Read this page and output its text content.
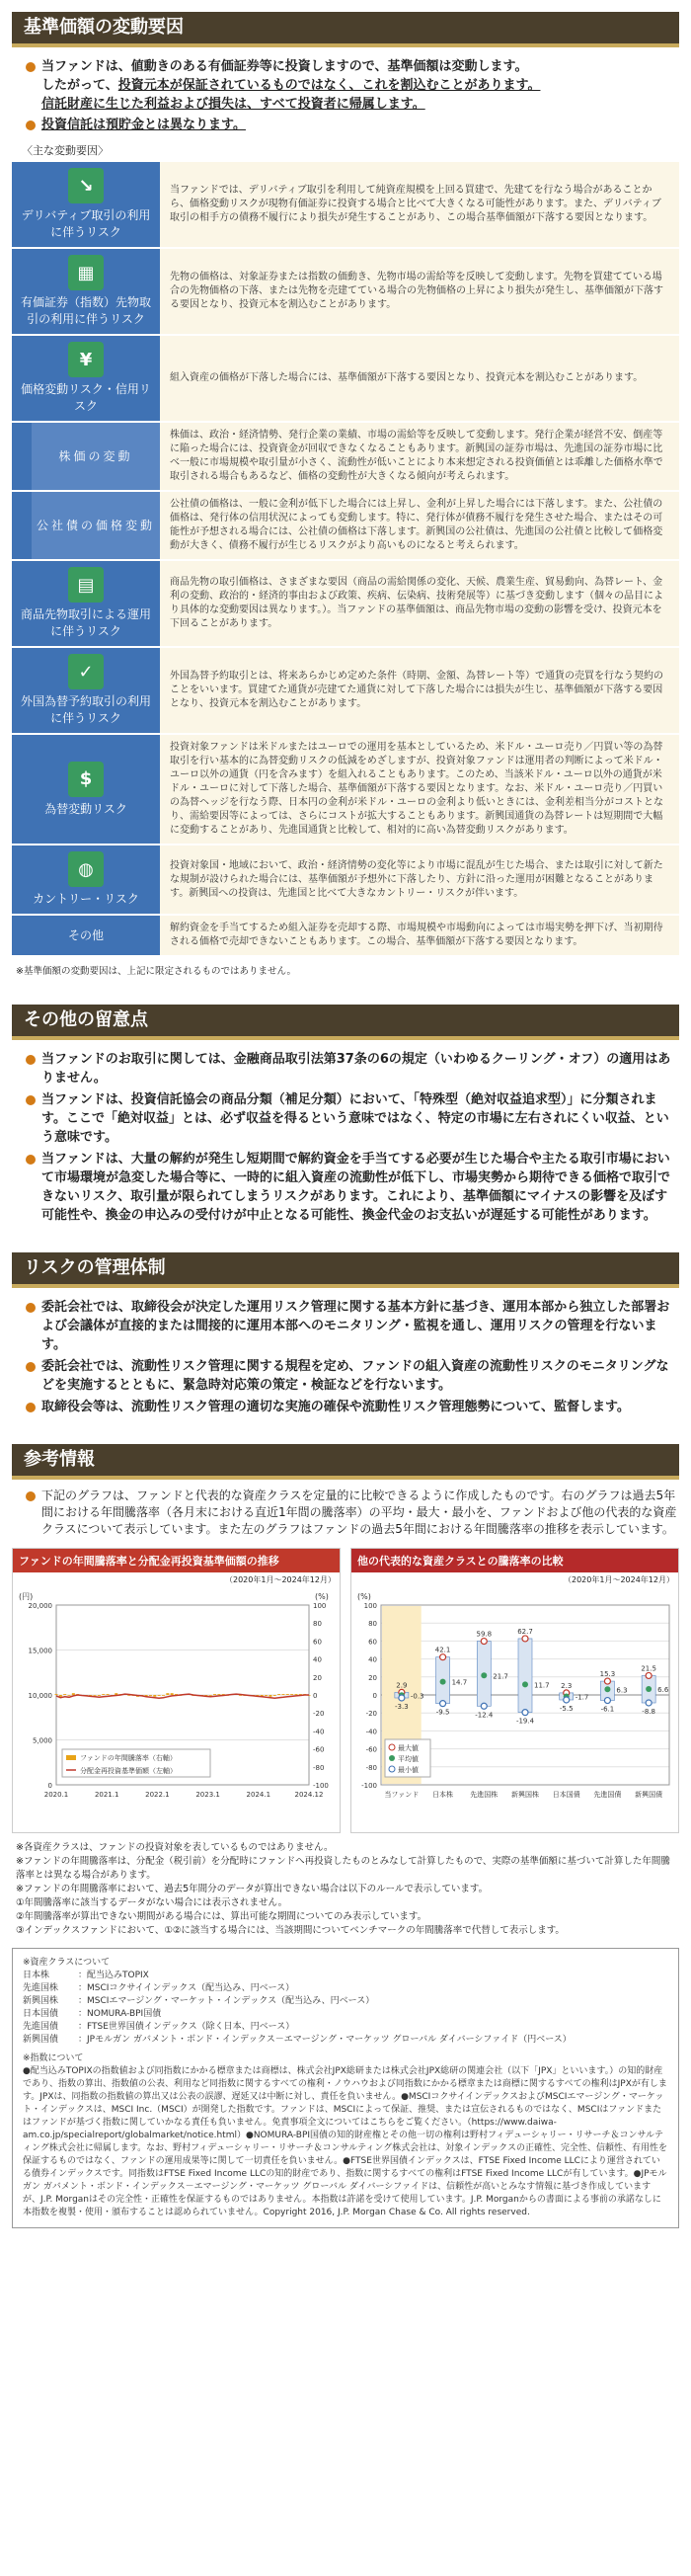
基準価額の変動要因
当ファンドは、値動きのある有価証券等に投資しますので、基準価額は変動します。
したがって、投資元本が保証されているものではなく、これを割込むことがあります。
信託財産に生じた利益および損失は、すべて投資者に帰属します。
投資信託は預貯金とは異なります。
〈主な変動要因〉
↘
デリバティブ取引の利用に伴うリスク		当ファンドでは、デリバティブ取引を利用して純資産規模を上回る買建で、先建てを行なう場合があることから、価格変動リスクが現物有価証券に投資する場合と比べて大きくなる可能性があります。また、デリバティブ取引の相手方の債務不履行により損失が発生することがあり、この場合基準価額が下落する要因となります。

▦
有価証券（指数）先物取引の利用に伴うリスク		先物の価格は、対象証券または指数の価動き、先物市場の需給等を反映して変動します。先物を買建てている場合の先物価格の下落、または先物を売建てている場合の先物価格の上昇により損失が発生し、基準価額が下落する要因となり、投資元本を割込むことがあります。

¥
価格変動リスク・信用リスク		組入資産の価格が下落した場合には、基準価額が下落する要因となり、投資元本を割込むことがあります。

	株価の変動	株価は、政治・経済情勢、発行企業の業績、市場の需給等を反映して変動します。発行企業が経営不安、倒産等に陥った場合には、投資資金が回収できなくなることもあります。新興国の証券市場は、先進国の証券市場に比べ一般に市場規模や取引量が小さく、流動性が低いことにより本来想定される投資価値とは乖離した価格水準で取引される場合もあるなど、価格の変動性が大きくなる傾向が考えられます。

	公社債の価格変動	公社債の価格は、一般に金利が低下した場合には上昇し、金利が上昇した場合には下落します。また、公社債の価格は、発行体の信用状況によっても変動します。特に、発行体が債務不履行を発生させた場合、またはその可能性が予想される場合には、公社債の価格は下落します。新興国の公社債は、先進国の公社債と比較して価格変動が大きく、債務不履行が生じるリスクがより高いものになると考えられます。

▤
商品先物取引による運用に伴うリスク		商品先物の取引価格は、さまざまな要因（商品の需給関係の変化、天候、農業生産、貿易動向、為替レート、金利の変動、政治的・経済的事由および政策、疾病、伝染病、技術発展等）に基づき変動します（個々の品目により具体的な変動要因は異なります。）。当ファンドの基準価額は、商品先物市場の変動の影響を受け、投資元本を下回ることがあります。

✓
外国為替予約取引の利用に伴うリスク		外国為替予約取引とは、将来あらかじめ定めた条件（時期、金額、為替レート等）で通貨の売買を行なう契約のことをいいます。買建てた通貨が売建てた通貨に対して下落した場合には損失が生じ、基準価額が下落する要因となり、投資元本を割込むことがあります。

$
為替変動リスク		投資対象ファンドは米ドルまたはユーロでの運用を基本としているため、米ドル・ユーロ売り／円買い等の為替取引を行い基本的に為替変動リスクの低減をめざしますが、投資対象ファンドは運用者の判断によって米ドル・ユーロ以外の通貨（円を含みます）を組入れることもあります。このため、当該米ドル・ユーロ以外の通貨が米ドル・ユーロに対して下落した場合、基準価額が下落する要因となります。なお、米ドル・ユーロ売り／円買いの為替ヘッジを行なう際、日本円の金利が米ドル・ユーロの金利より低いときには、金利差相当分がコストとなり、需給要因等によっては、さらにコストが拡大することもあります。新興国通貨の為替レートは短期間で大幅に変動することがあり、先進国通貨と比較して、相対的に高い為替変動リスクがあります。

◍
カントリー・リスク		投資対象国・地域において、政治・経済情勢の変化等により市場に混乱が生じた場合、または取引に対して新たな規制が設けられた場合には、基準価額が予想外に下落したり、方針に沿った運用が困難となることがあります。新興国への投資は、先進国と比べて大きなカントリー・リスクが伴います。

その他		解約資金を手当てするため組入証券を売却する際、市場規模や市場動向によっては市場実勢を押下げ、当初期待される価格で売却できないこともあります。この場合、基準価額が下落する要因となります。
※基準価額の変動要因は、上記に限定されるものではありません。
その他の留意点
当ファンドのお取引に関しては、金融商品取引法第37条の6の規定（いわゆるクーリング・オフ）の適用はありません。
当ファンドは、投資信託協会の商品分類（補足分類）において、「特殊型（絶対収益追求型）」に分類されます。ここで「絶対収益」とは、必ず収益を得るという意味ではなく、特定の市場に左右されにくい収益、という意味です。
当ファンドは、大量の解約が発生し短期間で解約資金を手当てする必要が生じた場合や主たる取引市場において市場環境が急変した場合等に、一時的に組入資産の流動性が低下し、市場実勢から期待できる価格で取引できないリスク、取引量が限られてしまうリスクがあります。これにより、基準価額にマイナスの影響を及ぼす可能性や、換金の申込みの受付けが中止となる可能性、換金代金のお支払いが遅延する可能性があります。
リスクの管理体制
委託会社では、取締役会が決定した運用リスク管理に関する基本方針に基づき、運用本部から独立した部署および会議体が直接的または間接的に運用本部へのモニタリング・監視を通し、運用リスクの管理を行ないます。
委託会社では、流動性リスク管理に関する規程を定め、ファンドの組入資産の流動性リスクのモニタリングなどを実施するとともに、緊急時対応策の策定・検証などを行ないます。
取締役会等は、流動性リスク管理の適切な実施の確保や流動性リスク管理態勢について、監督します。
参考情報
下記のグラフは、ファンドと代表的な資産クラスを定量的に比較できるように作成したものです。右のグラフは過去5年間における年間騰落率（各月末における直近1年間の騰落率）の平均・最大・最小を、ファンドおよび他の代表的な資産クラスについて表示しています。また左のグラフはファンドの過去5年間における年間騰落率の推移を表示しています。
ファンドの年間騰落率と分配金再投資基準価額の推移
（2020年1月～2024年12月）
(円)	(%)
20,000
15,000
10,000
5,000
0
100
80
60
40
20
0
-20
-40
-60
-80
-100
2020.1	2021.1	2022.1	2023.1	2024.1	2024.12
ファンドの年間騰落率（右軸）
分配金再投資基準価額（左軸）
他の代表的な資産クラスとの騰落率の比較
（2020年1月～2024年12月）
(%)
-100
-80
-60
-40
-20
0
20
40
60
80
100
2.9
-0.3
-3.3
当ファンド
42.1
14.7
-9.5
日本株
59.8
21.7
-12.4
先進国株
62.7
11.7
-19.4
新興国株
2.3
-1.7
-5.5
日本国債
15.3
6.3
-6.1
先進国債
21.5
6.6
-8.8
新興国債
最大値
平均値
最小値
※各資産クラスは、ファンドの投資対象を表しているものではありません。
※ファンドの年間騰落率は、分配金（税引前）を分配時にファンドへ再投資したものとみなして計算したもので、実際の基準価額に基づいて計算した年間騰落率とは異なる場合があります。
※ファンドの年間騰落率において、過去5年間分のデータが算出できない場合は以下のルールで表示しています。
①年間騰落率に該当するデータがない場合には表示されません。
②年間騰落率が算出できない期間がある場合には、算出可能な期間についてのみ表示しています。
③インデックスファンドにおいて、①②に該当する場合には、当該期間についてベンチマークの年間騰落率で代替して表示します。
※資産クラスについて
日本株	：配当込みTOPIX
先進国株 ：MSCIコクサイインデックス（配当込み、円ベース）
新興国株 ：MSCIエマージング・マーケット・インデックス（配当込み、円ベース）
日本国債 ：NOMURA-BPI国債
先進国債 ：FTSE世界国債インデックス（除く日本、円ベース）
新興国債 ：JPモルガン ガバメント・ボンド・インデックス－エマージング・マーケッツ グローバル ダイバーシファイド（円ベース）
※指数について
●配当込みTOPIXの指数値および同指数にかかる標章または商標は、株式会社JPX総研または株式会社JPX総研の関連会社（以下「JPX」といいます。）の知的財産であり、指数の算出、指数値の公表、利用など同指数に関するすべての権利・ノウハウおよび同指数にかかる標章または商標に関するすべての権利はJPXが有します。JPXは、同指数の指数値の算出又は公表の誤謬、遅延又は中断に対し、責任を負いません。●MSCIコクサイインデックスおよびMSCIエマージング・マーケット・インデックスは、MSCI Inc.（MSCI）が開発した指数です。ファンドは、MSCIによって保証、推奨、または宣伝されるものではなく、MSCIはファンドまたはファンドが基づく指数に関していかなる責任も負いません。免責事項全文についてはこちらをご覧ください。（https://www.daiwa-am.co.jp/specialreport/globalmarket/notice.html）●NOMURA-BPI国債の知的財産権とその他一切の権利は野村フィデューシャリー・リサーチ＆コンサルティング株式会社に帰属します。なお、野村フィデューシャリー・リサーチ＆コンサルティング株式会社は、対象インデックスの正確性、完全性、信頼性、有用性を保証するものではなく、ファンドの運用成果等に関して一切責任を負いません。●FTSE世界国債インデックスは、FTSE Fixed Income LLCにより運営されている債券インデックスです。同指数はFTSE Fixed Income LLCの知的財産であり、指数に関するすべての権利はFTSE Fixed Income LLCが有しています。●JPモルガン ガバメント・ボンド・インデックス－エマージング・マーケッツ グローバル ダイバーシファイドは、信頼性が高いとみなす情報に基づき作成していますが、J.P. Morganはその完全性・正確性を保証するものではありません。本指数は許諾を受けて使用しています。J.P. Morganからの書面による事前の承諾なしに本指数を複製・使用・頒布することは認められていません。Copyright 2016, J.P. Morgan Chase & Co. All rights reserved.
